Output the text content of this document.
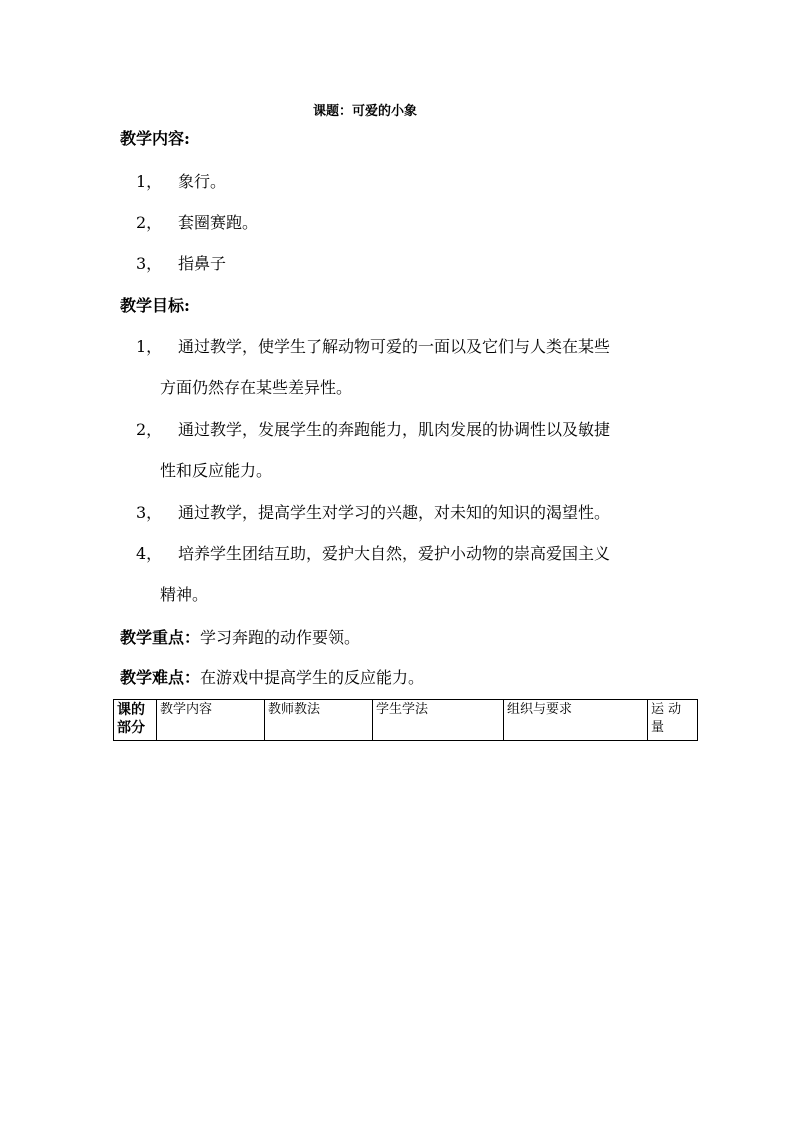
课题：可爱的小象
教学内容:
1， 象行。
2， 套圈赛跑。
3， 指鼻子
教学目标:
1， 通过教学，使学生了解动物可爱的一面以及它们与人类在某些
方面仍然存在某些差异性。
2， 通过教学，发展学生的奔跑能力，肌肉发展的协调性以及敏捷
性和反应能力。
3， 通过教学，提高学生对学习的兴趣，对未知的知识的渴望性。
4， 培养学生团结互助，爱护大自然，爱护小动物的崇高爱国主义
精神。
教学重点：学习奔跑的动作要领。
教学难点：在游戏中提高学生的反应能力。
课的部分	教学内容	教师教法	学生学法	组织与要求	运 动量
